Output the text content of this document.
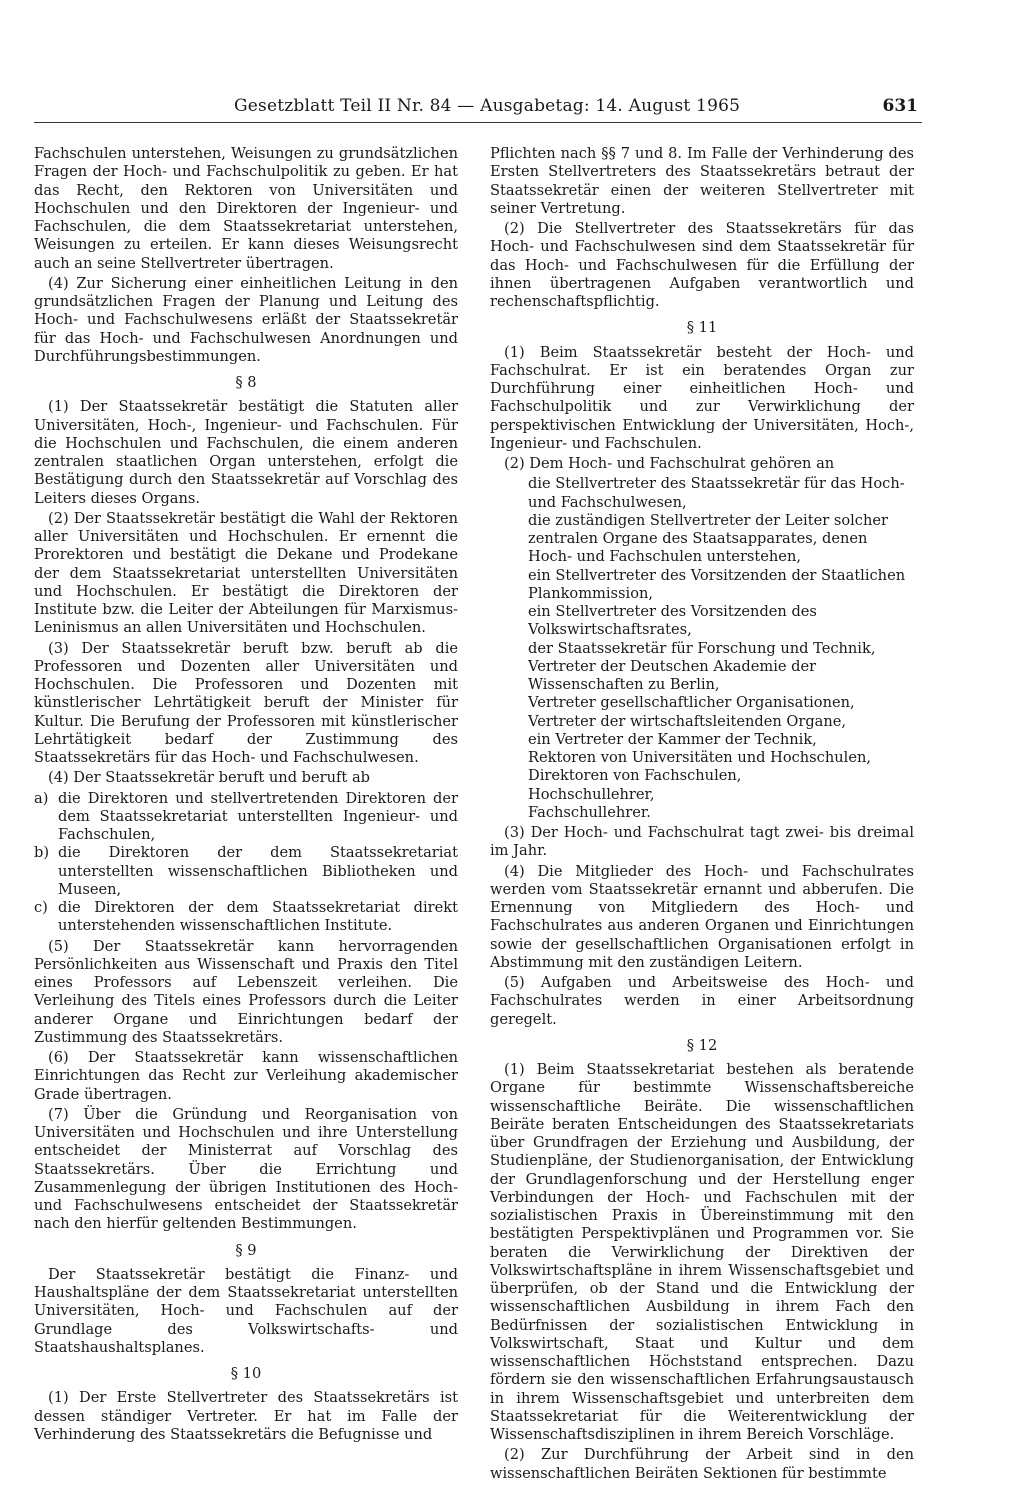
Gesetzblatt Teil II Nr. 84 — Ausgabetag: 14. August 1965	631

Fachschulen unterstehen, Weisungen zu grundsätzlichen Fragen der Hoch- und Fachschulpolitik zu geben. Er hat das Recht, den Rektoren von Universitäten und Hochschulen und den Direktoren der Ingenieur- und Fachschulen, die dem Staatssekretariat unterstehen, Weisungen zu erteilen. Er kann dieses Weisungsrecht auch an seine Stellvertreter übertragen.

(4) Zur Sicherung einer einheitlichen Leitung in den grundsätzlichen Fragen der Planung und Leitung des Hoch- und Fachschulwesens erläßt der Staatssekretär für das Hoch- und Fachschulwesen Anordnungen und Durchführungsbestimmungen.

§ 8

(1) Der Staatssekretär bestätigt die Statuten aller Universitäten, Hoch-, Ingenieur- und Fachschulen. Für die Hochschulen und Fachschulen, die einem anderen zentralen staatlichen Organ unterstehen, erfolgt die Bestätigung durch den Staatssekretär auf Vorschlag des Leiters dieses Organs.

(2) Der Staatssekretär bestätigt die Wahl der Rektoren aller Universitäten und Hochschulen. Er ernennt die Prorektoren und bestätigt die Dekane und Prodekane der dem Staatssekretariat unterstellten Universitäten und Hochschulen. Er bestätigt die Direktoren der Institute bzw. die Leiter der Abteilungen für Marxismus-Leninismus an allen Universitäten und Hochschulen.

(3) Der Staatssekretär beruft bzw. beruft ab die Professoren und Dozenten aller Universitäten und Hochschulen. Die Professoren und Dozenten mit künstlerischer Lehrtätigkeit beruft der Minister für Kultur. Die Berufung der Professoren mit künstlerischer Lehrtätigkeit bedarf der Zustimmung des Staatssekretärs für das Hoch- und Fachschulwesen.

(4) Der Staatssekretär beruft und beruft ab

a) die Direktoren und stellvertretenden Direktoren der dem Staatssekretariat unterstellten Ingenieur- und Fachschulen,
b) die Direktoren der dem Staatssekretariat unterstellten wissenschaftlichen Bibliotheken und Museen,
c) die Direktoren der dem Staatssekretariat direkt unterstehenden wissenschaftlichen Institute.

(5) Der Staatssekretär kann hervorragenden Persönlichkeiten aus Wissenschaft und Praxis den Titel eines Professors auf Lebenszeit verleihen. Die Verleihung des Titels eines Professors durch die Leiter anderer Organe und Einrichtungen bedarf der Zustimmung des Staatssekretärs.

(6) Der Staatssekretär kann wissenschaftlichen Einrichtungen das Recht zur Verleihung akademischer Grade übertragen.

(7) Über die Gründung und Reorganisation von Universitäten und Hochschulen und ihre Unterstellung entscheidet der Ministerrat auf Vorschlag des Staatssekretärs. Über die Errichtung und Zusammenlegung der übrigen Institutionen des Hoch- und Fachschulwesens entscheidet der Staatssekretär nach den hierfür geltenden Bestimmungen.

§ 9

Der Staatssekretär bestätigt die Finanz- und Haushaltspläne der dem Staatssekretariat unterstellten Universitäten, Hoch- und Fachschulen auf der Grundlage des Volkswirtschafts- und Staatshaushaltsplanes.

§ 10

(1) Der Erste Stellvertreter des Staatssekretärs ist dessen ständiger Vertreter. Er hat im Falle der Verhinderung des Staatssekretärs die Befugnisse und

Pflichten nach §§ 7 und 8. Im Falle der Verhinderung des Ersten Stellvertreters des Staatssekretärs betraut der Staatssekretär einen der weiteren Stellvertreter mit seiner Vertretung.

(2) Die Stellvertreter des Staatssekretärs für das Hoch- und Fachschulwesen sind dem Staatssekretär für das Hoch- und Fachschulwesen für die Erfüllung der ihnen übertragenen Aufgaben verantwortlich und rechenschaftspflichtig.

§ 11

(1) Beim Staatssekretär besteht der Hoch- und Fachschulrat. Er ist ein beratendes Organ zur Durchführung einer einheitlichen Hoch- und Fachschulpolitik und zur Verwirklichung der perspektivischen Entwicklung der Universitäten, Hoch-, Ingenieur- und Fachschulen.

(2) Dem Hoch- und Fachschulrat gehören an

die Stellvertreter des Staatssekretär für das Hoch- und Fachschulwesen,
die zuständigen Stellvertreter der Leiter solcher zentralen Organe des Staatsapparates, denen Hoch- und Fachschulen unterstehen,
ein Stellvertreter des Vorsitzenden der Staatlichen Plankommission,
ein Stellvertreter des Vorsitzenden des Volkswirtschaftsrates,
der Staatssekretär für Forschung und Technik,
Vertreter der Deutschen Akademie der Wissenschaften zu Berlin,
Vertreter gesellschaftlicher Organisationen,
Vertreter der wirtschaftsleitenden Organe,
ein Vertreter der Kammer der Technik,
Rektoren von Universitäten und Hochschulen,
Direktoren von Fachschulen,
Hochschullehrer,
Fachschullehrer.

(3) Der Hoch- und Fachschulrat tagt zwei- bis dreimal im Jahr.

(4) Die Mitglieder des Hoch- und Fachschulrates werden vom Staatssekretär ernannt und abberufen. Die Ernennung von Mitgliedern des Hoch- und Fachschulrates aus anderen Organen und Einrichtungen sowie der gesellschaftlichen Organisationen erfolgt in Abstimmung mit den zuständigen Leitern.

(5) Aufgaben und Arbeitsweise des Hoch- und Fachschulrates werden in einer Arbeitsordnung geregelt.

§ 12

(1) Beim Staatssekretariat bestehen als beratende Organe für bestimmte Wissenschaftsbereiche wissenschaftliche Beiräte. Die wissenschaftlichen Beiräte beraten Entscheidungen des Staatssekretariats über Grundfragen der Erziehung und Ausbildung, der Studienpläne, der Studienorganisation, der Entwicklung der Grundlagenforschung und der Herstellung enger Verbindungen der Hoch- und Fachschulen mit der sozialistischen Praxis in Übereinstimmung mit den bestätigten Perspektivplänen und Programmen vor. Sie beraten die Verwirklichung der Direktiven der Volkswirtschaftspläne in ihrem Wissenschaftsgebiet und überprüfen, ob der Stand und die Entwicklung der wissenschaftlichen Ausbildung in ihrem Fach den Bedürfnissen der sozialistischen Entwicklung in Volkswirtschaft, Staat und Kultur und dem wissenschaftlichen Höchststand entsprechen. Dazu fördern sie den wissenschaftlichen Erfahrungsaustausch in ihrem Wissenschaftsgebiet und unterbreiten dem Staatssekretariat für die Weiterentwicklung der Wissenschaftsdisziplinen in ihrem Bereich Vorschläge.

(2) Zur Durchführung der Arbeit sind in den wissenschaftlichen Beiräten Sektionen für bestimmte
